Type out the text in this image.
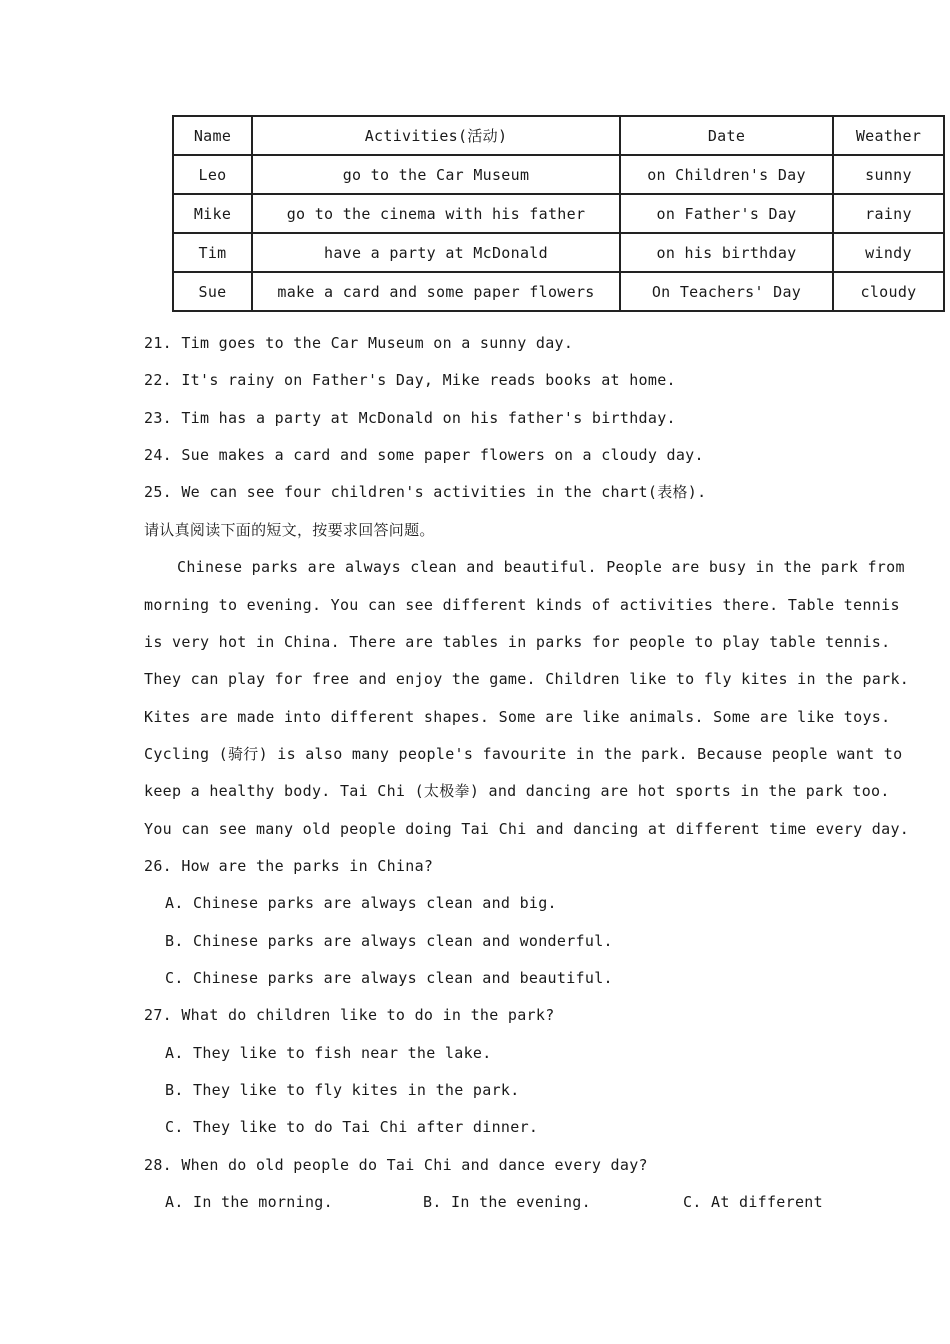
Name	Activities(活动)	Date	Weather
Leo	go to the Car Museum	on Children's Day	sunny
Mike	go to the cinema with his father	on Father's Day	rainy
Tim	have a party at McDonald	on his birthday	windy
Sue	make a card and some paper flowers	On Teachers' Day	cloudy
21. Tim goes to the Car Museum on a sunny day.
22. It's rainy on Father's Day, Mike reads books at home.
23. Tim has a party at McDonald on his father's birthday.
24. Sue makes a card and some paper flowers on a cloudy day.
25. We can see four children's activities in the chart(表格).
请认真阅读下面的短文，按要求回答问题。
Chinese parks are always clean and beautiful. People are busy in the park from
morning to evening. You can see different kinds of activities there. Table tennis
is very hot in China. There are tables in parks for people to play table tennis.
They can play for free and enjoy the game. Children like to fly kites in the park.
Kites are made into different shapes. Some are like animals. Some are like toys.
Cycling (骑行) is also many people's favourite in the park. Because people want to
keep a healthy body. Tai Chi (太极拳) and dancing are hot sports in the park too.
You can see many old people doing Tai Chi and dancing at different time every day.
26. How are the parks in China?
A. Chinese parks are always clean and big.
B. Chinese parks are always clean and wonderful.
C. Chinese parks are always clean and beautiful.
27. What do children like to do in the park?
A. They like to fish near the lake.
B. They like to fly kites in the park.
C. They like to do Tai Chi after dinner.
28. When do old people do Tai Chi and dance every day?
A. In the morning.	B. In the evening.	C. At different
